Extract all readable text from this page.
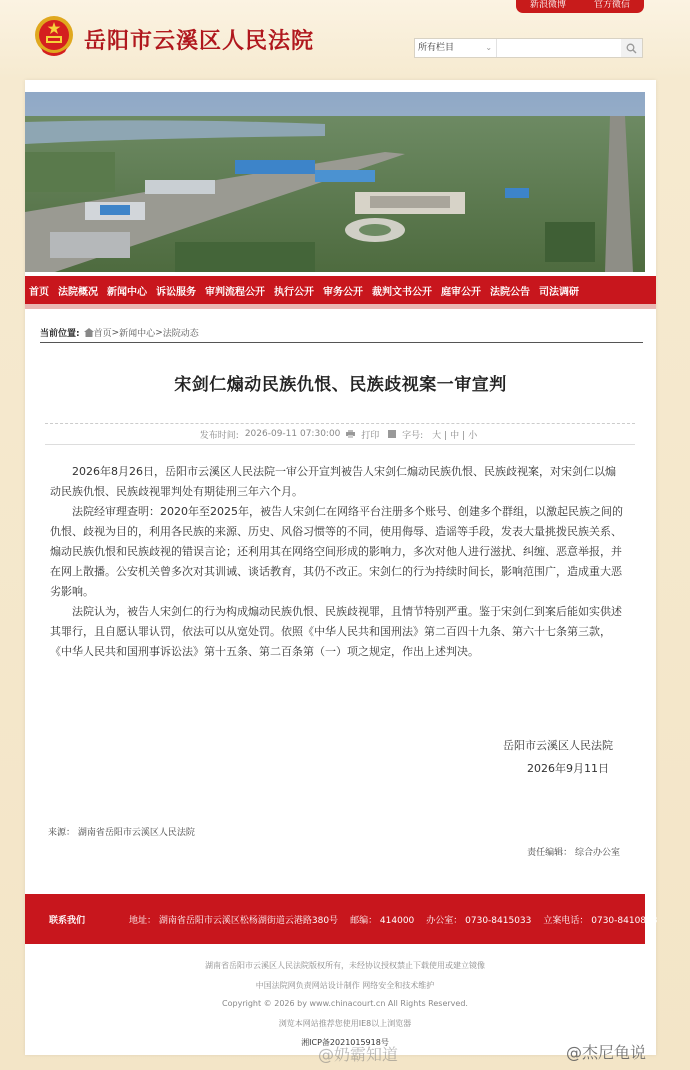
新浪微博	官方微信
岳阳市云溪区人民法院	所有栏目	⌄
首页 法院概况 新闻中心 诉讼服务 审判流程公开 执行公开 审务公开 裁判文书公开 庭审公开 法院公告 司法调研
当前位置: 首页 > 新闻中心 > 法院动态
宋剑仁煽动民族仇恨、民族歧视案一审宣判
发布时间: 2026-09-11 07:30:00	打印	字号: 大 | 中 | 小

2026年8月26日，岳阳市云溪区人民法院一审公开宣判被告人宋剑仁煽动民族仇恨、民族歧视案，对宋剑仁以煽动民族仇恨、民族歧视罪判处有期徒刑三年六个月。

法院经审理查明：2020年至2025年，被告人宋剑仁在网络平台注册多个账号、创建多个群组，以激起民族之间的仇恨、歧视为目的，利用各民族的来源、历史、风俗习惯等的不同，使用侮辱、造谣等手段，发表大量挑拨民族关系、煽动民族仇恨和民族歧视的错误言论；还利用其在网络空间形成的影响力，多次对他人进行滋扰、纠缠、恶意举报，并在网上散播。公安机关曾多次对其训诫、谈话教育，其仍不改正。宋剑仁的行为持续时间长，影响范围广，造成重大恶劣影响。

法院认为，被告人宋剑仁的行为构成煽动民族仇恨、民族歧视罪，且情节特别严重。鉴于宋剑仁到案后能如实供述其罪行，且自愿认罪认罚，依法可以从宽处罚。依照《中华人民共和国刑法》第二百四十九条、第六十七条第三款，《中华人民共和国刑事诉讼法》第十五条、第二百条第（一）项之规定，作出上述判决。

岳阳市云溪区人民法院
2026年9月11日
来源： 湖南省岳阳市云溪区人民法院
责任编辑： 综合办公室
联系我们	地址： 湖南省岳阳市云溪区松杨湖街道云港路380号 邮编： 414000 办公室： 0730-8415033 立案电话： 0730-8410823
湖南省岳阳市云溪区人民法院版权所有，未经协议授权禁止下载使用或建立镜像
中国法院网负责网站设计制作 网络安全和技术维护
Copyright © 2026 by www.chinacourt.cn All Rights Reserved.
浏览本网站推荐您使用IE8以上浏览器
湘ICP备2021015918号
@奶霸知道	@杰尼龟说
